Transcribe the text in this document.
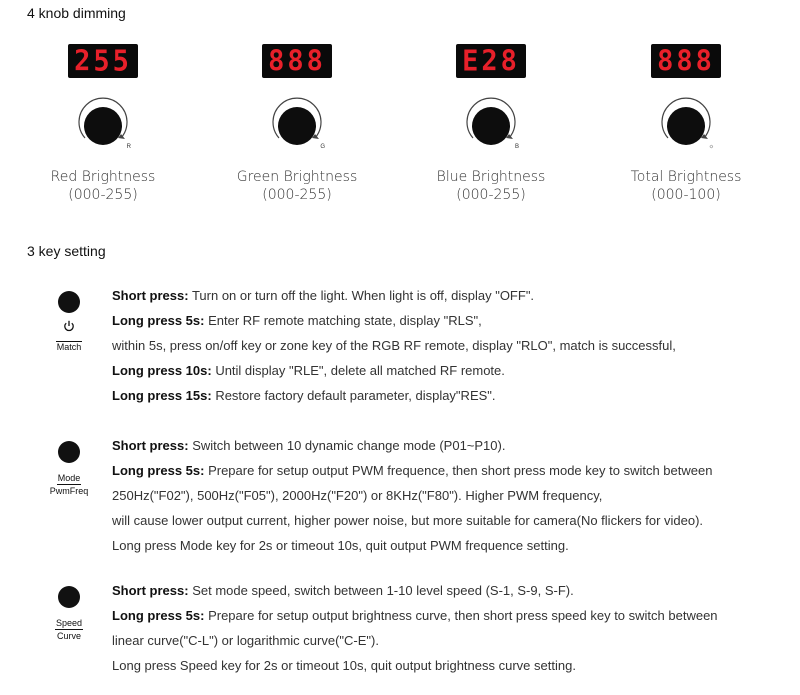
4 knob dimming
255
R
Red Brightness
(000-255)
888
G
Green Brightness
(000-255)
E28
B
Blue Brightness
(000-255)
888
☼
Total Brightness
(000-100)
3 key setting
Match
Short press: Turn on or turn off the light. When light is off, display "OFF".
Long press 5s: Enter RF remote matching state, display "RLS",
within 5s, press on/off key or zone key of the RGB RF remote, display "RLO", match is successful,
Long press 10s: Until display "RLE", delete all matched RF remote.
Long press 15s: Restore factory default parameter, display"RES".
Mode
PwmFreq
Short press: Switch between 10 dynamic change mode (P01~P10).
Long press 5s: Prepare for setup output PWM frequence, then short press mode key to switch between
250Hz("F02"), 500Hz("F05"), 2000Hz("F20") or 8KHz("F80"). Higher PWM frequency,
will cause lower output current, higher power noise, but more suitable for camera(No flickers for video).
Long press Mode key for 2s or timeout 10s, quit output PWM frequence setting.
Speed
Curve
Short press: Set mode speed, switch between 1-10 level speed (S-1, S-9, S-F).
Long press 5s: Prepare for setup output brightness curve, then short press speed key to switch between
linear curve("C-L") or logarithmic curve("C-E").
Long press Speed key for 2s or timeout 10s, quit output brightness curve setting.
